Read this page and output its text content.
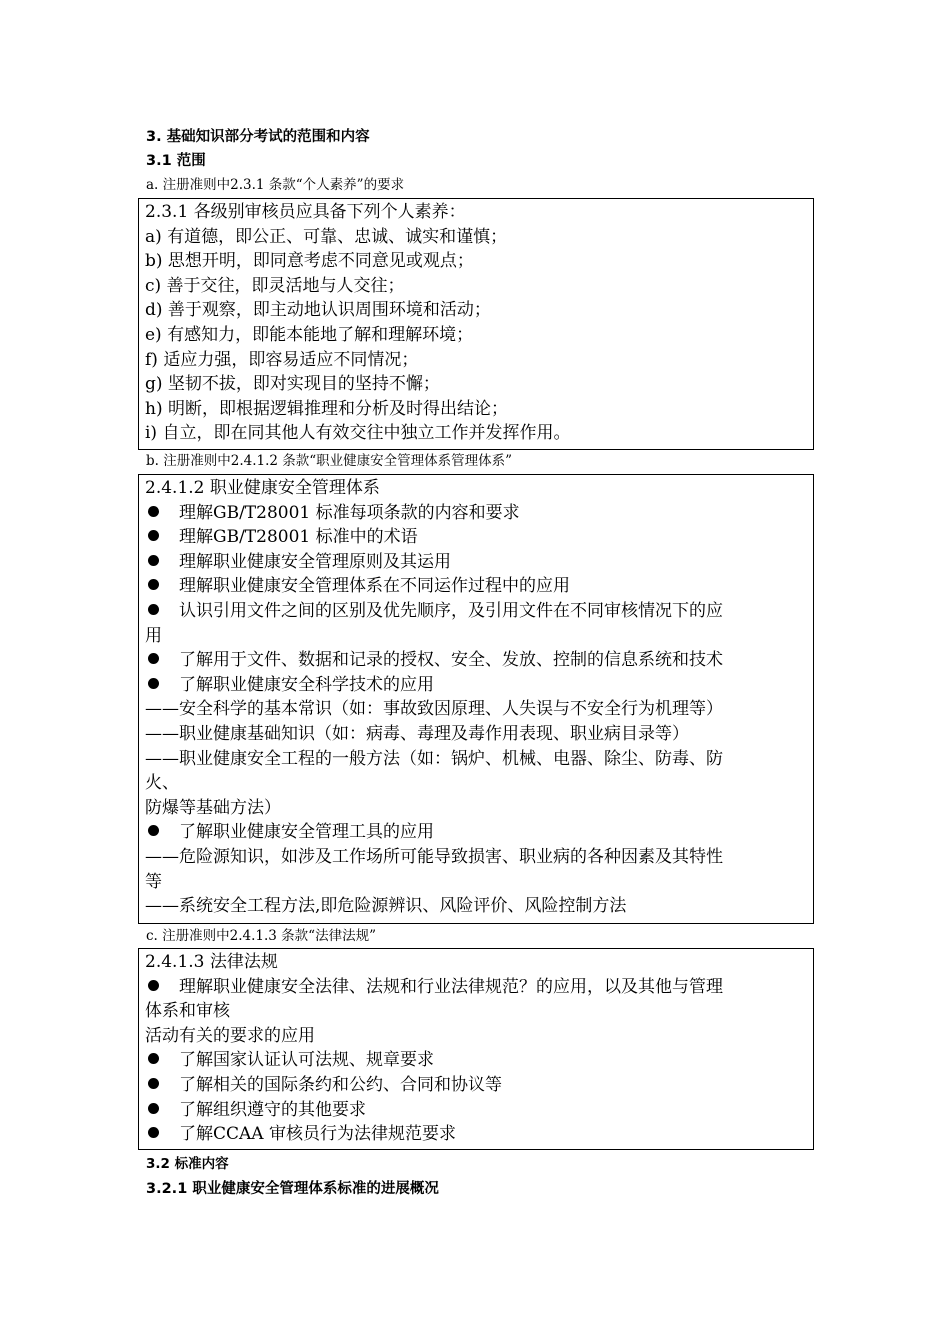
3. 基础知识部分考试的范围和内容
3.1 范围
a. 注册准则中2.3.1 条款“个人素养”的要求
2.3.1 各级别审核员应具备下列个人素养：
a) 有道德，即公正、可靠、忠诚、诚实和谨慎；
b) 思想开明，即同意考虑不同意见或观点；
c) 善于交往，即灵活地与人交往；
d) 善于观察，即主动地认识周围环境和活动；
e) 有感知力，即能本能地了解和理解环境；
f) 适应力强，即容易适应不同情况；
g) 坚韧不拔，即对实现目的坚持不懈；
h) 明断，即根据逻辑推理和分析及时得出结论；
i) 自立，即在同其他人有效交往中独立工作并发挥作用。
b. 注册准则中2.4.1.2 条款“职业健康安全管理体系管理体系”
2.4.1.2 职业健康安全管理体系
理解GB/T28001 标准每项条款的内容和要求
理解GB/T28001 标准中的术语
理解职业健康安全管理原则及其运用
理解职业健康安全管理体系在不同运作过程中的应用
认识引用文件之间的区别及优先顺序，及引用文件在不同审核情况下的应
用
了解用于文件、数据和记录的授权、安全、发放、控制的信息系统和技术
了解职业健康安全科学技术的应用
——安全科学的基本常识（如：事故致因原理、人失误与不安全行为机理等）
——职业健康基础知识（如：病毒、毒理及毒作用表现、职业病目录等）
——职业健康安全工程的一般方法（如：锅炉、机械、电器、除尘、防毒、防
火、
防爆等基础方法）
了解职业健康安全管理工具的应用
——危险源知识，如涉及工作场所可能导致损害、职业病的各种因素及其特性
等
——系统安全工程方法,即危险源辨识、风险评价、风险控制方法
c. 注册准则中2.4.1.3 条款“法律法规”
2.4.1.3 法律法规
理解职业健康安全法律、法规和行业法律规范？的应用，以及其他与管理
体系和审核
活动有关的要求的应用
了解国家认证认可法规、规章要求
了解相关的国际条约和公约、合同和协议等
了解组织遵守的其他要求
了解CCAA 审核员行为法律规范要求
3.2 标准内容
3.2.1 职业健康安全管理体系标准的进展概况
